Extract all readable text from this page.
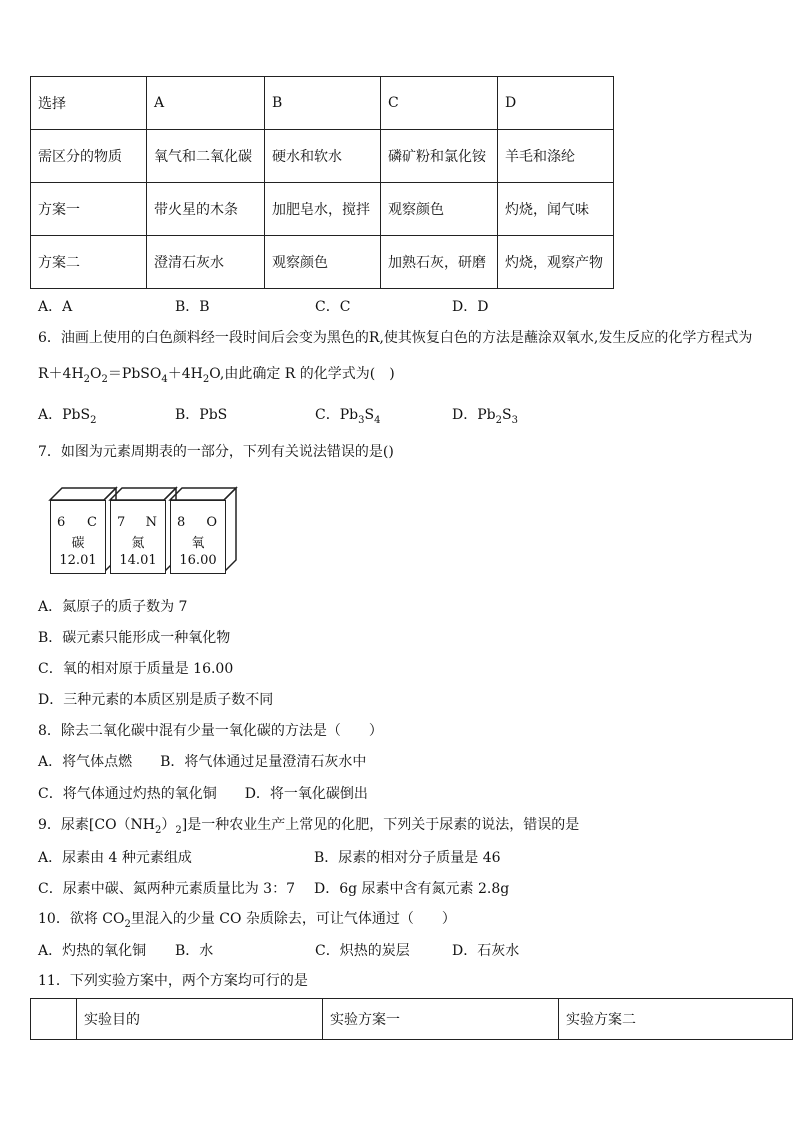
选择	A	B	C	D
需区分的物质	氧气和二氧化碳	硬水和软水	磷矿粉和氯化铵	羊毛和涤纶
方案一	带火星的木条	加肥皂水，搅拌	观察颜色	灼烧，闻气味
方案二	澄清石灰水	观察颜色	加熟石灰，研磨	灼烧，观察产物
A．A	B．B	C．C	D．D
6．油画上使用的白色颜料经一段时间后会变为黑色的R,使其恢复白色的方法是蘸涂双氧水,发生反应的化学方程式为
$R+4H_2O_2=PbSO_4+4H_2O$,由此确定 R 的化学式为(　)
A．PbS$_2$	B．PbS	C．$Pb_3S_4$	D．$Pb_2S_3$
7．如图为元素周期表的一部分，下列有关说法错误的是()
6 C
碳
12.01
7 N
氮
14.01
8 O
氧
16.00
A．氮原子的质子数为 7
B．碳元素只能形成一种氧化物
C．氧的相对原于质量是 16.00
D．三种元素的本质区别是质子数不同
8．除去二氧化碳中混有少量一氧化碳的方法是（　　）
A．将气体点燃　　B．将气体通过足量澄清石灰水中
C．将气体通过灼热的氧化铜　　D．将一氧化碳倒出
9．尿素$[CO(NH_2)_2]$是一种农业生产上常见的化肥，下列关于尿素的说法，错误的是
A．尿素由 4 种元素组成	B．尿素的相对分子质量是 46
C．尿素中碳、氮两种元素质量比为 3：7 D．6g 尿素中含有氮元素 2.8g
10．欲将 $CO_2$里混入的少量 CO 杂质除去，可让气体通过（　　）
A．灼热的氧化铜 B．水	C．炽热的炭层	D．石灰水
11．下列实验方案中，两个方案均可行的是
	实验目的	实验方案一	实验方案二
